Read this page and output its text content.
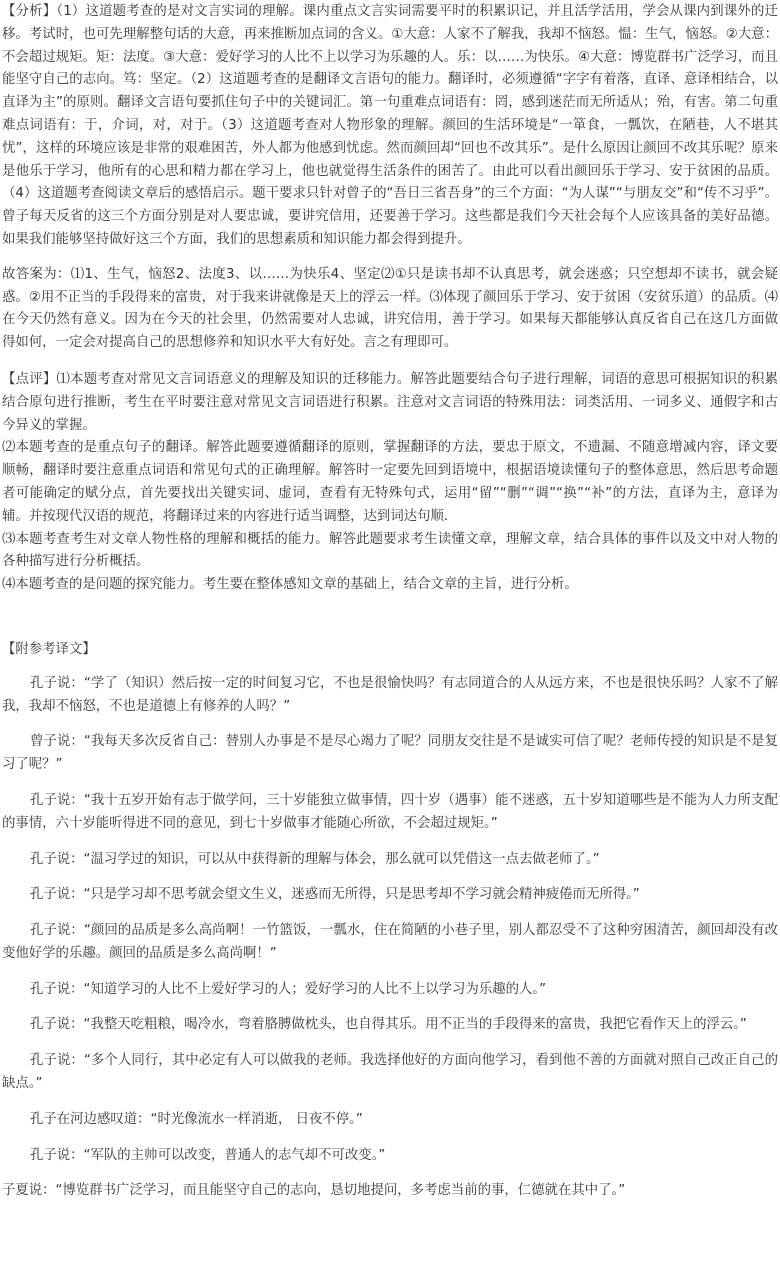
【分析】（1）这道题考查的是对文言实词的理解。课内重点文言实词需要平时的积累识记，并且活学活用，学会从课内到课外的迁移。考试时，也可先理解整句话的大意，再来推断加点词的含义。①大意：人家不了解我，我却不恼怒。愠：生气，恼怒。②大意：不会超过规矩。矩：法度。③大意：爱好学习的人比不上以学习为乐趣的人。乐：以……为快乐。④大意：博览群书广泛学习，而且能坚守自己的志向。笃：坚定。（2）这道题考查的是翻译文言语句的能力。翻译时，必须遵循“字字有着落，直译、意译相结合，以直译为主”的原则。翻译文言语句要抓住句子中的关键词汇。第一句重难点词语有：罔，感到迷茫而无所适从；殆，有害。第二句重难点词语有：于，介词，对，对于。（3）这道题考查对人物形象的理解。颜回的生活环境是“一箪食，一瓢饮，在陋巷，人不堪其忧”，这样的环境应该是非常的艰难困苦，外人都为他感到忧虑。然而颜回却“回也不改其乐”。是什么原因让颜回不改其乐呢？原来是他乐于学习，他所有的心思和精力都在学习上，他也就觉得生活条件的困苦了。由此可以看出颜回乐于学习、安于贫困的品质。（4）这道题考查阅读文章后的感悟启示。题干要求只针对曾子的“吾日三省吾身”的三个方面：“为人谋”“与朋友交”和“传不习乎”。曾子每天反省的这三个方面分别是对人要忠诚，要讲究信用，还要善于学习。这些都是我们今天社会每个人应该具备的美好品德。如果我们能够坚持做好这三个方面，我们的思想素质和知识能力都会得到提升。

故答案为：⑴1、生气，恼怒2、法度3、以……为快乐4、坚定⑵①只是读书却不认真思考，就会迷惑；只空想却不读书，就会疑惑。②用不正当的手段得来的富贵，对于我来讲就像是天上的浮云一样。⑶体现了颜回乐于学习、安于贫困（安贫乐道）的品质。⑷在今天仍然有意义。因为在今天的社会里，仍然需要对人忠诚，讲究信用，善于学习。如果每天都能够认真反省自己在这几方面做得如何，一定会对提高自己的思想修养和知识水平大有好处。言之有理即可。

【点评】⑴本题考查对常见文言词语意义的理解及知识的迁移能力。解答此题要结合句子进行理解，词语的意思可根据知识的积累结合原句进行推断，考生在平时要注意对常见文言词语进行积累。注意对文言词语的特殊用法：词类活用、一词多义、通假字和古今异义的掌握。

⑵本题考查的是重点句子的翻译。解答此题要遵循翻译的原则，掌握翻译的方法，要忠于原文，不遗漏、不随意增减内容，译文要顺畅，翻译时要注意重点词语和常见句式的正确理解。解答时一定要先回到语境中，根据语境读懂句子的整体意思，然后思考命题者可能确定的赋分点，首先要找出关键实词、虚词，查看有无特殊句式，运用“留”“删”“调”“换”“补”的方法，直译为主，意译为辅。并按现代汉语的规范，将翻译过来的内容进行适当调整，达到词达句顺．

⑶本题考查考生对文章人物性格的理解和概括的能力。解答此题要求考生读懂文章，理解文章，结合具体的事件以及文中对人物的各种描写进行分析概括。

⑷本题考查的是问题的探究能力。考生要在整体感知文章的基础上，结合文章的主旨，进行分析。

【附参考译文】

孔子说：“学了（知识）然后按一定的时间复习它，不也是很愉快吗？有志同道合的人从远方来，不也是很快乐吗？人家不了解我，我却不恼怒，不也是道德上有修养的人吗？”

曾子说：“我每天多次反省自己：替别人办事是不是尽心竭力了呢？同朋友交往是不是诚实可信了呢？老师传授的知识是不是复习了呢？”

孔子说：“我十五岁开始有志于做学问，三十岁能独立做事情，四十岁（遇事）能不迷惑，五十岁知道哪些是不能为人力所支配的事情，六十岁能听得进不同的意见，到七十岁做事才能随心所欲，不会超过规矩。”

孔子说：“温习学过的知识，可以从中获得新的理解与体会，那么就可以凭借这一点去做老师了。”

孔子说：“只是学习却不思考就会望文生义，迷惑而无所得，只是思考却不学习就会精神疲倦而无所得。”

孔子说：“颜回的品质是多么高尚啊！一竹篮饭，一瓢水，住在简陋的小巷子里，别人都忍受不了这种穷困清苦，颜回却没有改变他好学的乐趣。颜回的品质是多么高尚啊！”

孔子说：“知道学习的人比不上爱好学习的人；爱好学习的人比不上以学习为乐趣的人。”

孔子说：“我整天吃粗粮，喝冷水，弯着胳膊做枕头，也自得其乐。用不正当的手段得来的富贵，我把它看作天上的浮云。”

孔子说：“多个人同行，其中必定有人可以做我的老师。我选择他好的方面向他学习，看到他不善的方面就对照自己改正自己的缺点。”

孔子在河边感叹道：“时光像流水一样消逝， 日夜不停。”

孔子说：“军队的主帅可以改变，普通人的志气却不可改变。”

子夏说：“博览群书广泛学习，而且能坚守自己的志向，恳切地提问，多考虑当前的事，仁德就在其中了。”
